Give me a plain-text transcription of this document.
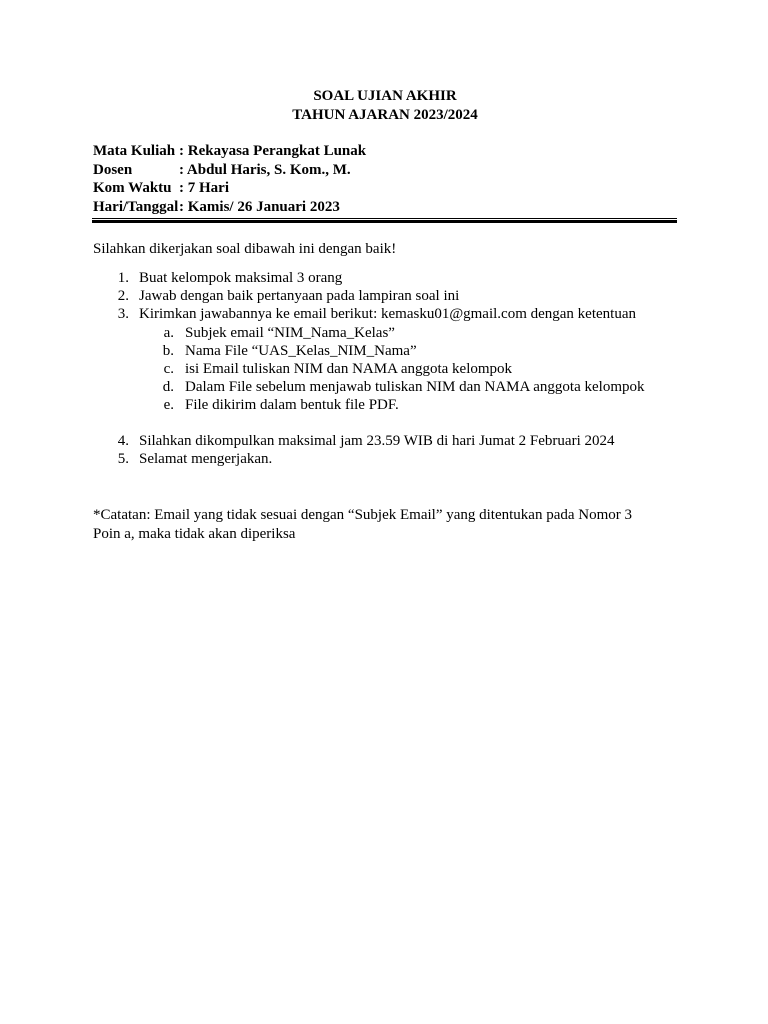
SOAL UJIAN AKHIR
TAHUN AJARAN 2023/2024
Mata Kuliah : Rekayasa Perangkat Lunak
Dosen	: Abdul Haris, S. Kom., M.
Kom Waktu : 7 Hari
Hari/Tanggal : Kamis/ 26 Januari 2023
Silahkan dikerjakan soal dibawah ini dengan baik!
1. Buat kelompok maksimal 3 orang
2. Jawab dengan baik pertanyaan pada lampiran soal ini
3. Kirimkan jawabannya ke email berikut: kemasku01@gmail.com dengan ketentuan
a. Subjek email “NIM_Nama_Kelas”
b. Nama File “UAS_Kelas_NIM_Nama”
c. isi Email tuliskan NIM dan NAMA anggota kelompok
d. Dalam File sebelum menjawab tuliskan NIM dan NAMA anggota kelompok
e. File dikirim dalam bentuk file PDF.
4. Silahkan dikompulkan maksimal jam 23.59 WIB di hari Jumat 2 Februari 2024
5. Selamat mengerjakan.
*Catatan: Email yang tidak sesuai dengan “Subjek Email” yang ditentukan pada Nomor 3
Poin a, maka tidak akan diperiksa
